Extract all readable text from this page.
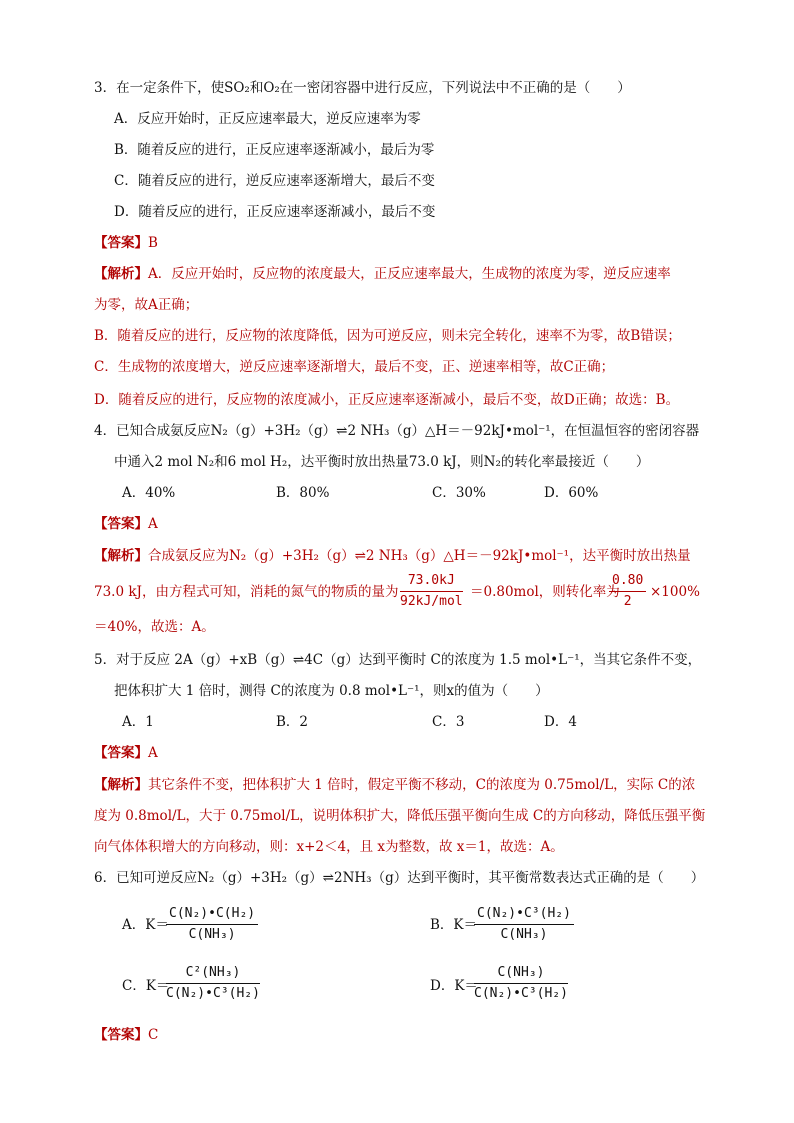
3．在一定条件下，使SO₂和O₂在一密闭容器中进行反应，下列说法中不正确的是（　　）
A．反应开始时，正反应速率最大，逆反应速率为零
B．随着反应的进行，正反应速率逐渐减小，最后为零
C．随着反应的进行，逆反应速率逐渐增大，最后不变
D．随着反应的进行，正反应速率逐渐减小，最后不变
【答案】B
【解析】A．反应开始时，反应物的浓度最大，正反应速率最大，生成物的浓度为零，逆反应速率
为零，故A正确；
B．随着反应的进行，反应物的浓度降低，因为可逆反应，则未完全转化，速率不为零，故B错误；
C．生成物的浓度增大，逆反应速率逐渐增大，最后不变，正、逆速率相等，故C正确；
D．随着反应的进行，反应物的浓度减小，正反应速率逐渐减小，最后不变，故D正确；故选：B。
4．已知合成氨反应N₂（g）+3H₂（g）⇌2 NH₃（g）△H＝－92kJ•mol⁻¹，在恒温恒容的密闭容器
中通入2 mol N₂和6 mol H₂，达平衡时放出热量73.0 kJ，则N₂的转化率最接近（　　）
A．40%	B．80%	C．30%	D．60%
【答案】A
【解析】合成氨反应为N₂（g）+3H₂（g）⇌2 NH₃（g）△H＝－92kJ•mol⁻¹，达平衡时放出热量
73.0 kJ，由方程式可知，消耗的氮气的物质的量为
73.0kJ
92kJ/mol
＝0.80mol，则转化率为
$\frac{0.80}{2} \times 100\%$
＝40%，故选：A。
5．对于反应 2A（g）+xB（g）⇌4C（g）达到平衡时 C的浓度为 1.5 mol•L⁻¹，当其它条件不变，
把体积扩大 1 倍时，测得 C的浓度为 0.8 mol•L⁻¹，则x的值为（　　）
A．1	B．2	C．3	D．4
【答案】A
【解析】其它条件不变，把体积扩大 1 倍时，假定平衡不移动，C的浓度为 0.75mol/L，实际 C的浓
度为 0.8mol/L，大于 0.75mol/L，说明体积扩大，降低压强平衡向生成 C的方向移动，降低压强平衡
向气体体积增大的方向移动，则：x+2＜4，且 x为整数，故 x＝1，故选：A。
6．已知可逆反应N₂（g）+3H₂（g）⇌2NH₃（g）达到平衡时，其平衡常数表达式正确的是（　　）
A．K＝
$\frac{\text{C(N₂)•C(H₂)}}{\text{C(NH₃)}}$	B．K＝
$\frac{\text{C(N₂)•C³(H₂)}}{\text{C(NH₃)}}$
C．K＝
$\frac{\text{C²(NH₃)}}{\text{C(N₂)•C³(H₂)}}$	D．K＝
$\frac{\text{C(NH₃)}}{\text{C(N₂)•C³(H₂)}}$
【答案】C
